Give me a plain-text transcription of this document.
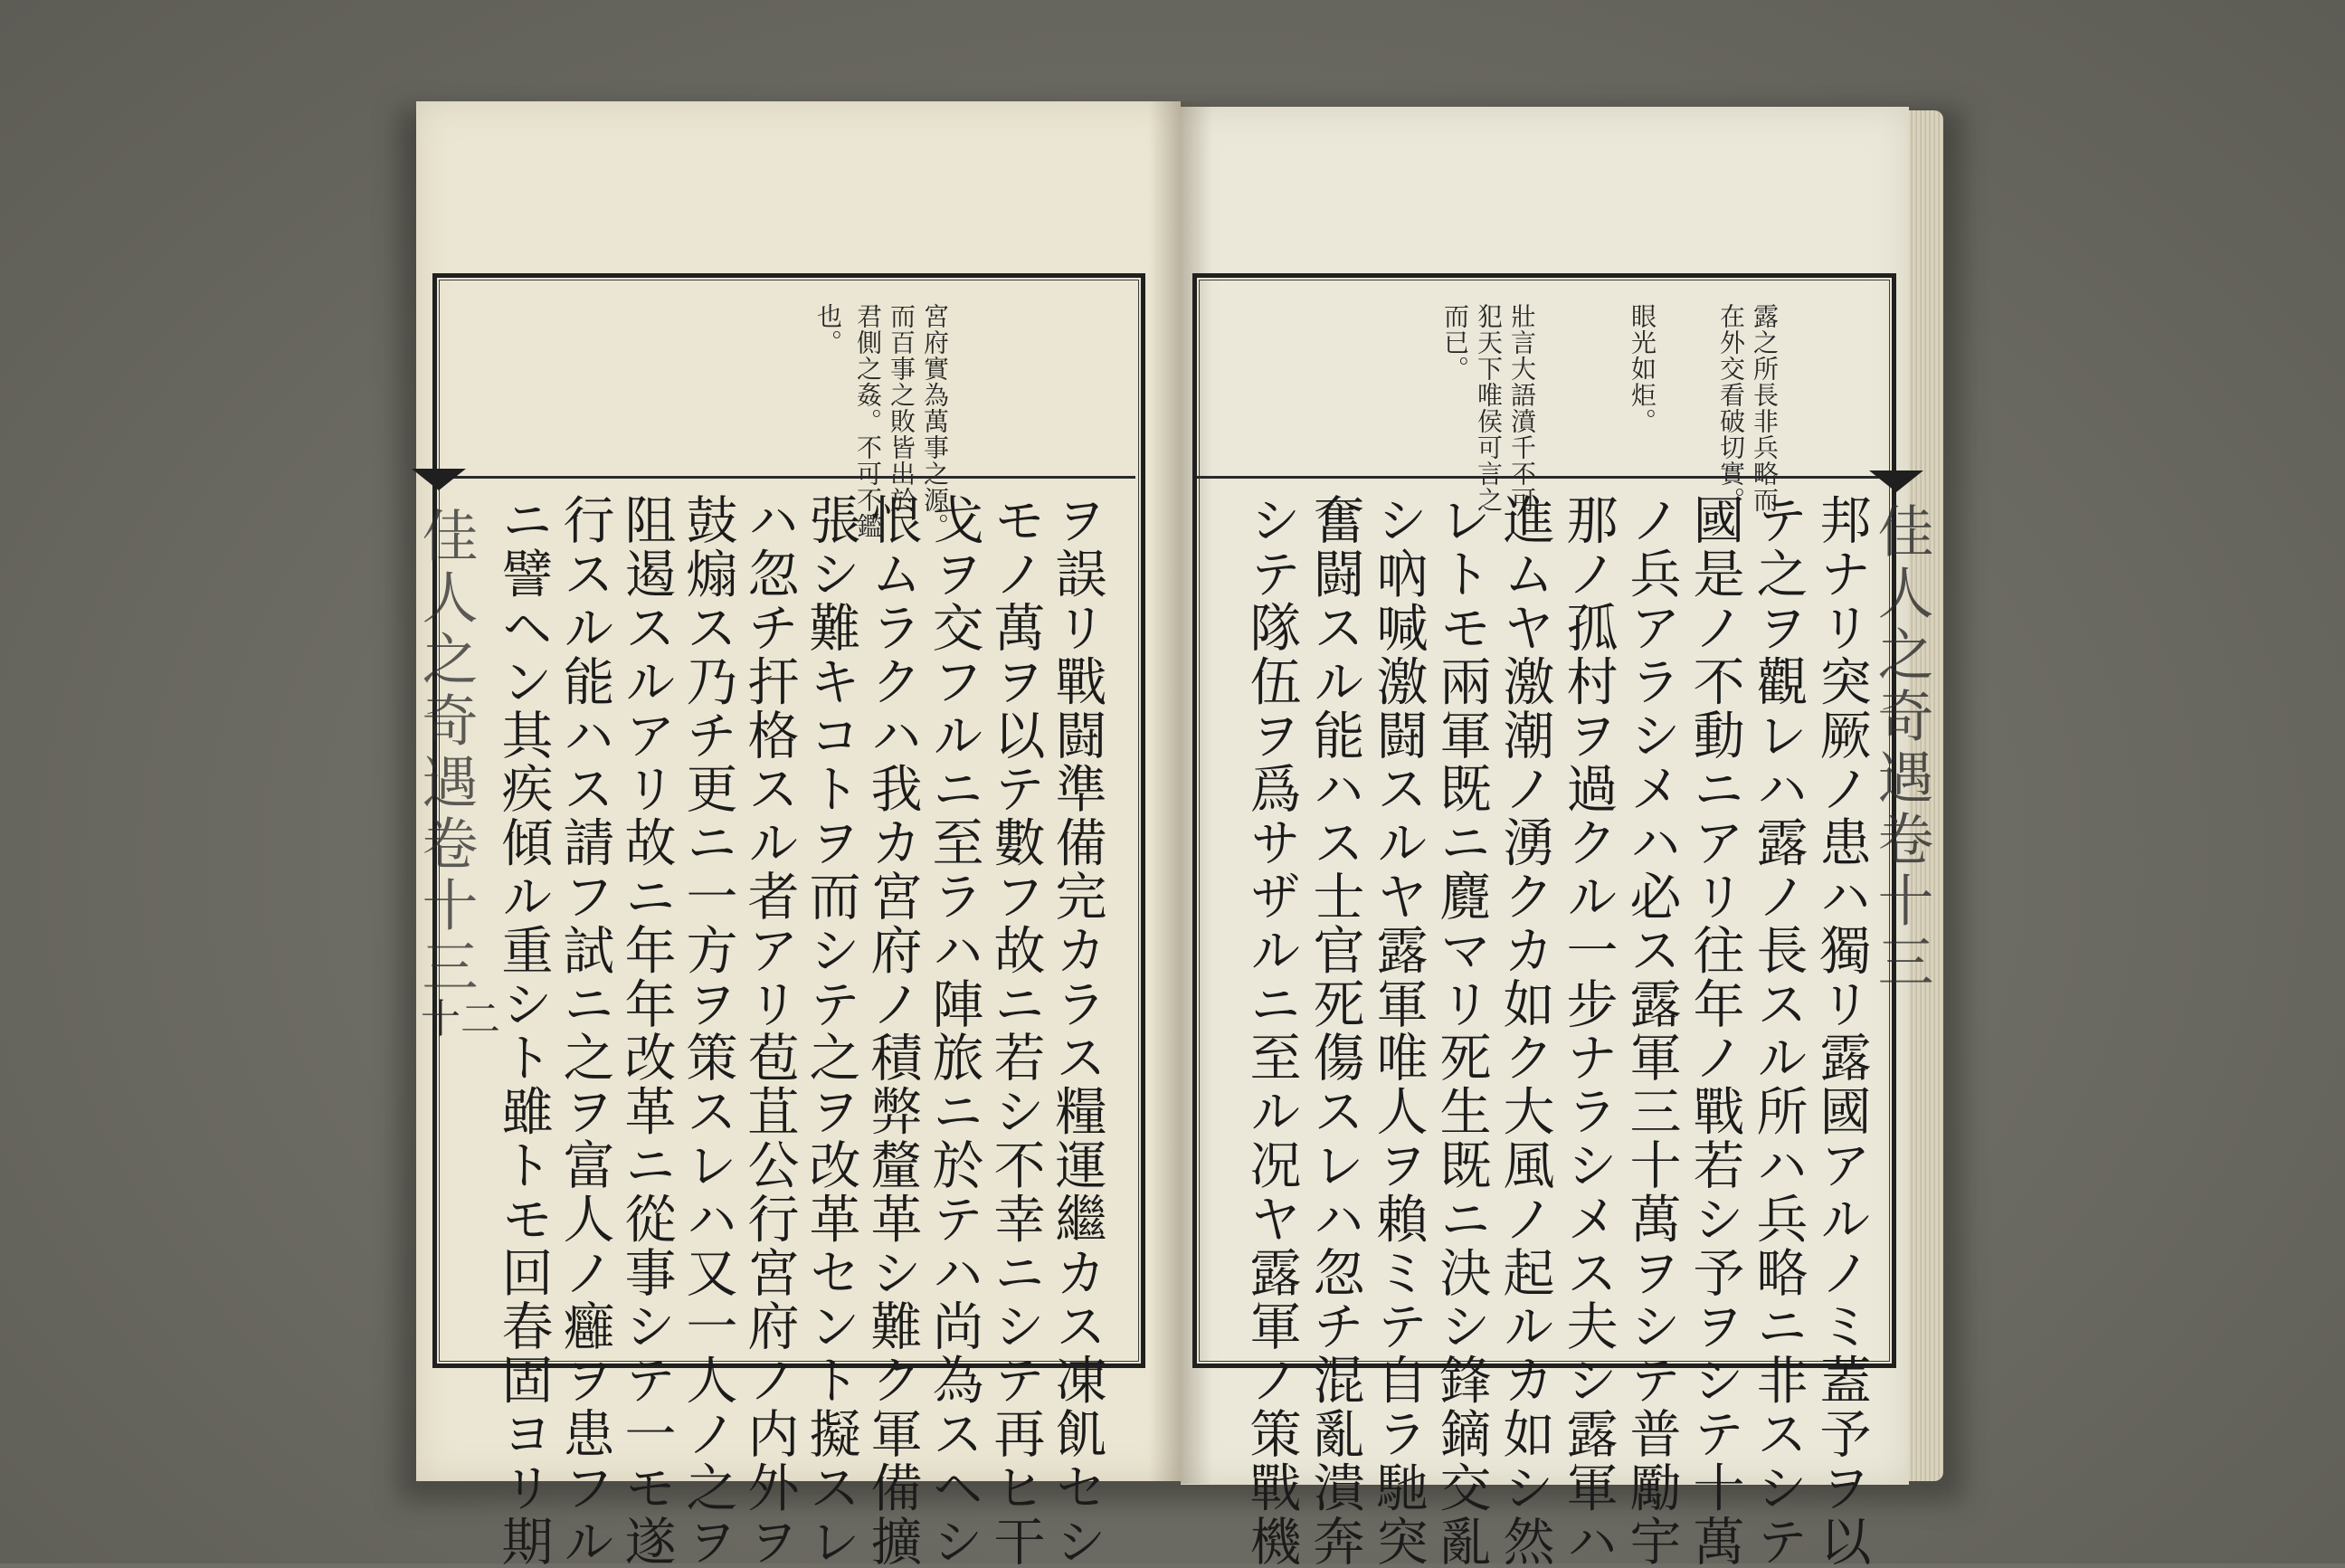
佳人之奇遇卷十三
十二
佳人之奇遇卷十三
露之所長非兵略而
在外交看破切實。
眼光如炬。
壯言大語濆千不可
犯天下唯侯可言之
而已。
邦ナリ突厥ノ患ハ獨リ露國アルノミ蓋予ヲ以
テ之ヲ觀レハ露ノ長スル所ハ兵略ニ非スシテ
國是ノ不動ニアリ往年ノ戰若シ予ヲシテ十萬
ノ兵アラシメハ必ス露軍三十萬ヲシテ普勵宇
那ノ孤村ヲ過クル一步ナラシメス夫シ露軍ハ
進ムヤ激潮ノ湧クカ如ク大風ノ起ルカ如シ然
レトモ兩軍既ニ麑マリ死生既ニ決シ鋒鏑交亂
シ吶喊激闘スルヤ露軍唯人ヲ賴ミテ自ラ馳突
奮闘スル能ハス士官死傷スレハ忽チ混亂潰奔
シテ隊伍ヲ爲サザルニ至ル况ヤ露軍ノ策戰機
宮府實為萬事之源。
而百事之敗皆出於
君側之姦。不可不鑑
也。
ヲ誤リ戰闘準備完カラス糧運繼カス凍飢セシ
モノ萬ヲ以テ數フ故ニ若シ不幸ニシテ再ヒ干
戈ヲ交フルニ至ラハ陣旅ニ於テハ尚為スヘシ
恨ムラクハ我カ宮府ノ積弊釐革シ難ク軍備擴
張シ難キコトヲ而シテ之ヲ改革セント擬スレ
ハ忽チ扞格スル者アリ苞苴公行宮府ノ内外ヲ
鼓煽ス乃チ更ニ一方ヲ策スレハ又一人ノ之ヲ
阻遏スルアリ故ニ年年改革ニ從事シテ一モ遂
行スル能ハス請フ試ニ之ヲ富人ノ癰ヲ患フル
ニ譬ヘン其疾傾ル重シト雖トモ回春固ヨリ期
